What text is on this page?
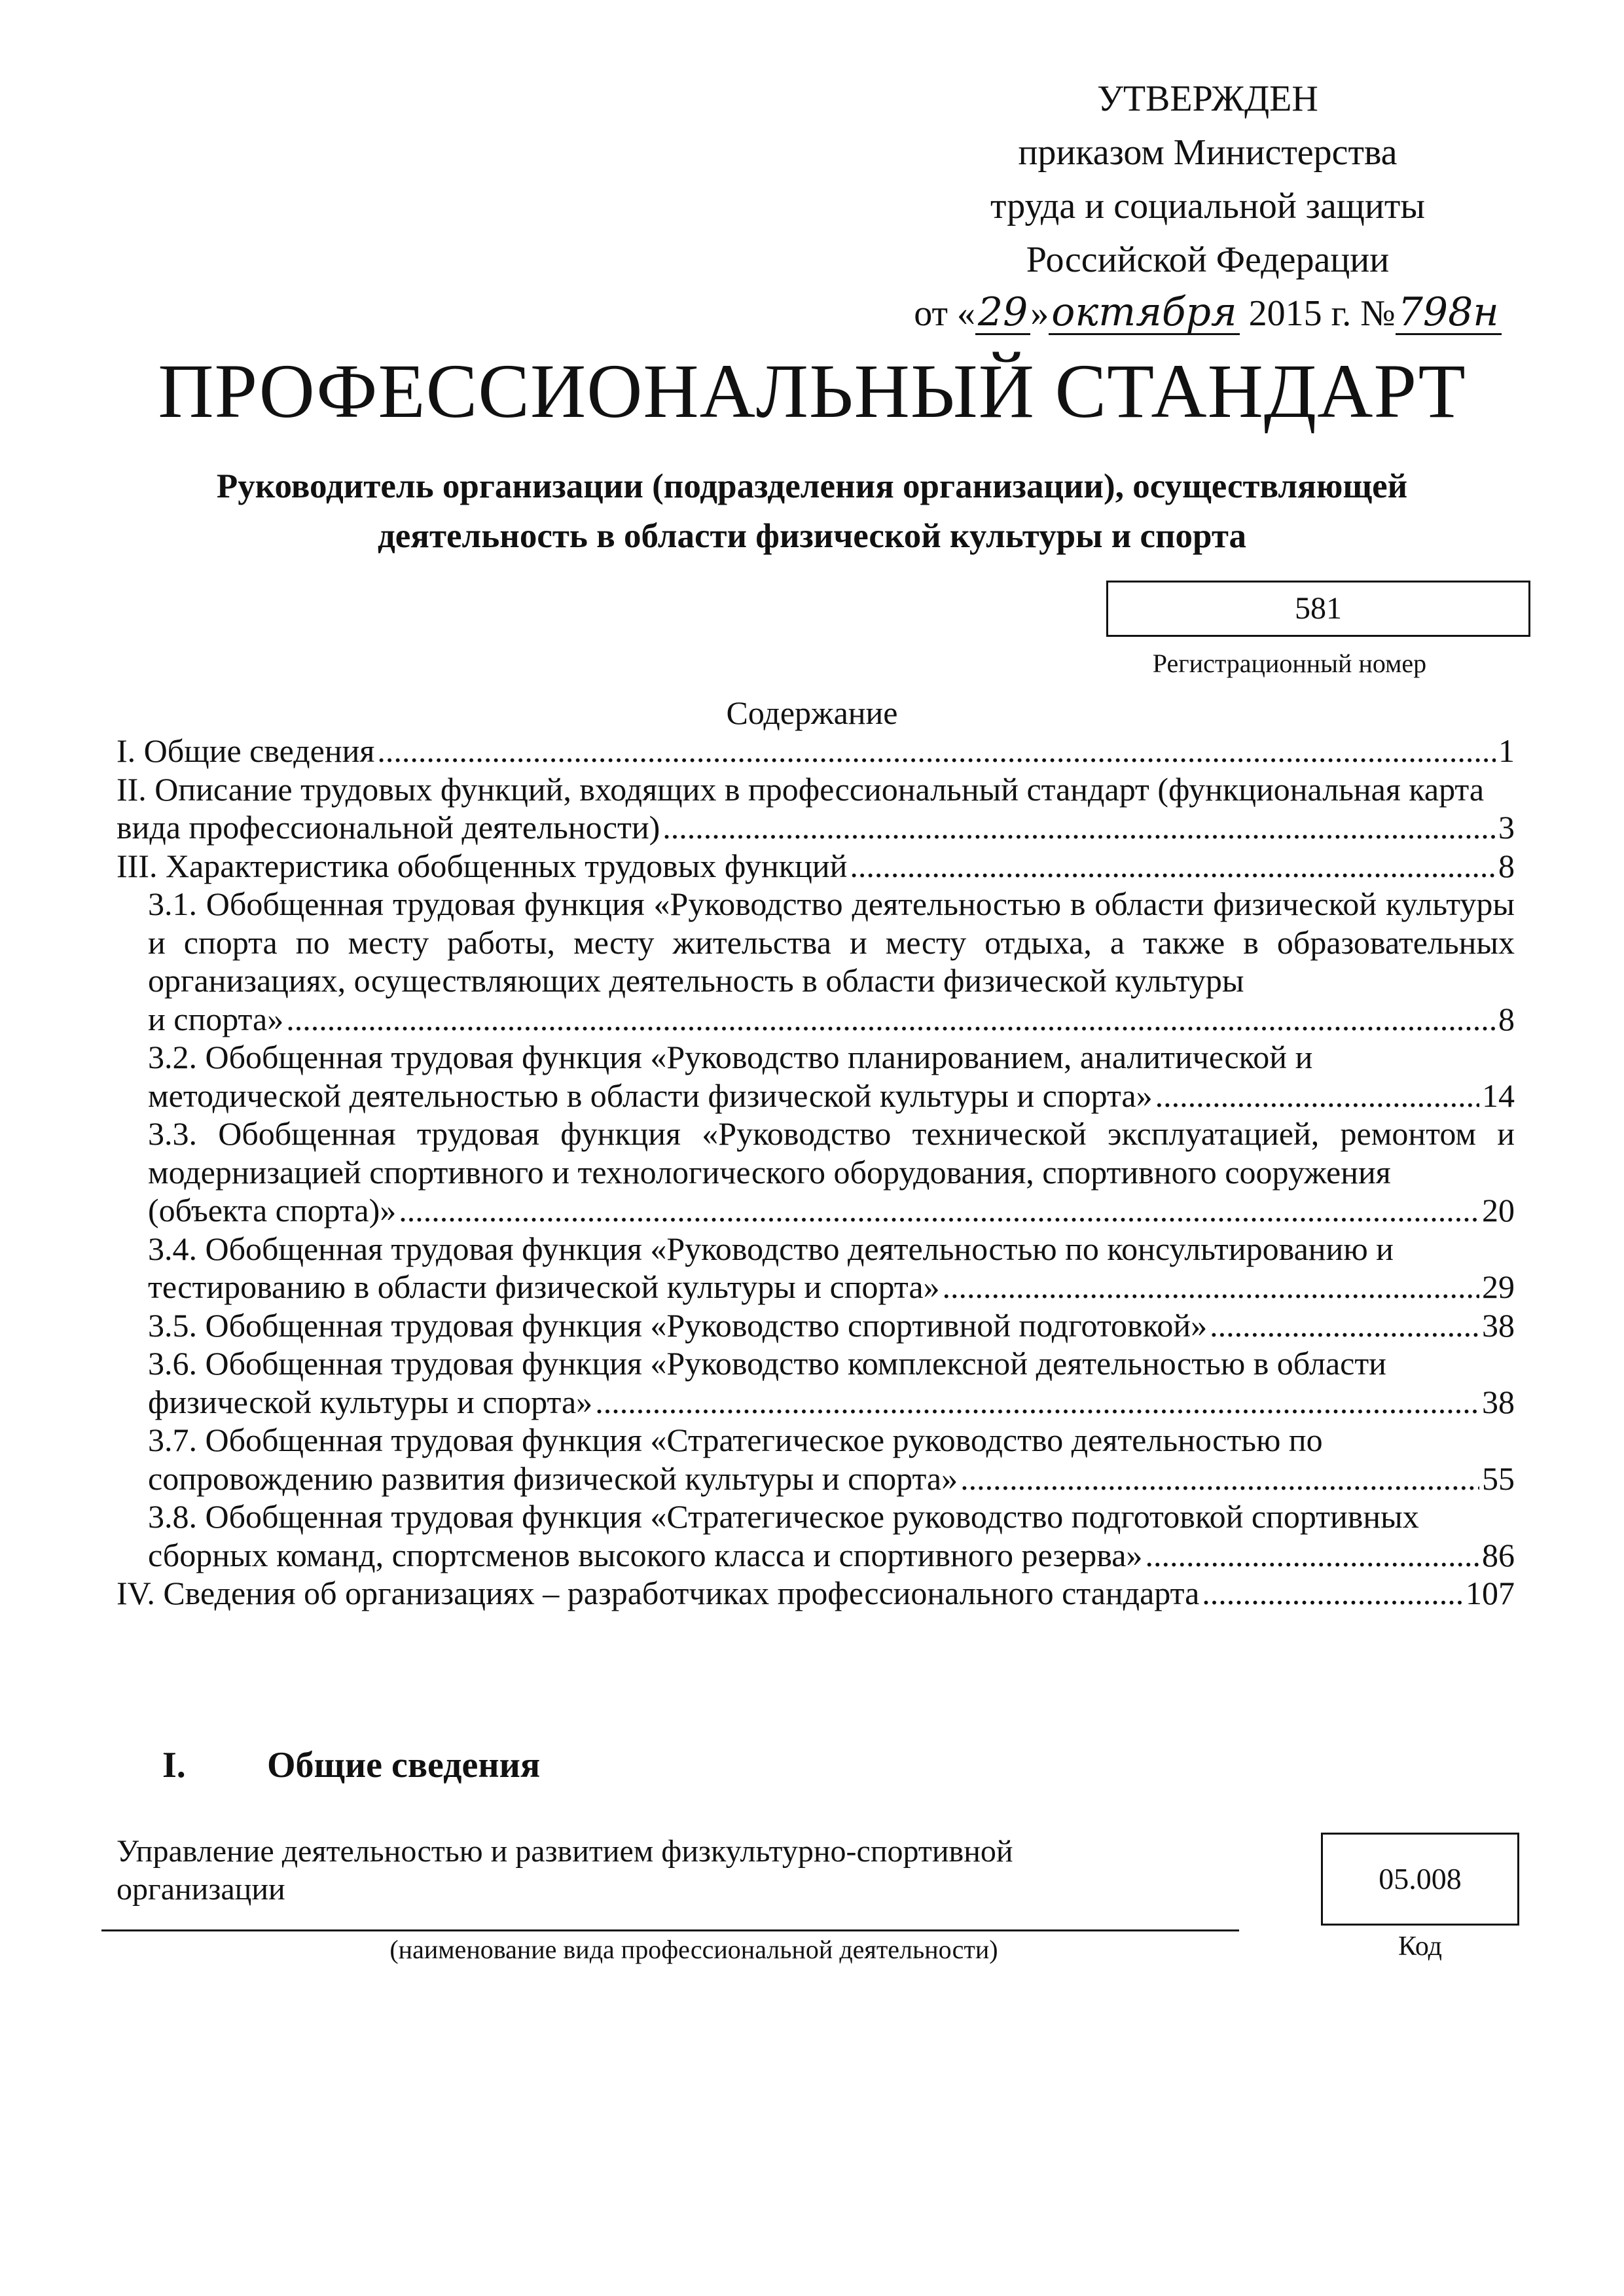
УТВЕРЖДЕН
приказом Министерства
труда и социальной защиты
Российской Федерации
от «29»октября 2015 г. №798н
ПРОФЕССИОНАЛЬНЫЙ СТАНДАРТ
Руководитель организации (подразделения организации), осуществляющей
деятельность в области физической культуры и спорта
581
Регистрационный номер
Содержание
I. Общие сведения .....	1
II. Описание трудовых функций, входящих в профессиональный стандарт (функциональная карта
вида профессиональной деятельности) .....	3
III. Характеристика обобщенных трудовых функций .....	8
3.1. Обобщенная трудовая функция «Руководство деятельностью в области физической культуры и спорта по месту работы, месту жительства и месту отдыха, а также в образовательных организациях, осуществляющих деятельность в области физической культуры
и спорта» .....	8
3.2. Обобщенная трудовая функция «Руководство планированием, аналитической и
методической деятельностью в области физической культуры и спорта» .....	14
3.3. Обобщенная трудовая функция «Руководство технической эксплуатацией, ремонтом и модернизацией спортивного и технологического оборудования, спортивного сооружения
(объекта спорта)» .....	20
3.4. Обобщенная трудовая функция «Руководство деятельностью по консультированию и
тестированию в области физической культуры и спорта» .....	29
3.5. Обобщенная трудовая функция «Руководство спортивной подготовкой» .....	38
3.6. Обобщенная трудовая функция «Руководство комплексной деятельностью в области
физической культуры и спорта» .....	38
3.7. Обобщенная трудовая функция «Стратегическое руководство деятельностью по
сопровождению развития физической культуры и спорта» .....	55
3.8. Обобщенная трудовая функция «Стратегическое руководство подготовкой спортивных
сборных команд, спортсменов высокого класса и спортивного резерва» .....	86
IV. Сведения об организациях – разработчиках профессионального стандарта .....	107
I. Общие сведения
Управление деятельностью и развитием физкультурно-спортивной
организации
(наименование вида профессиональной деятельности)
05.008
Код
